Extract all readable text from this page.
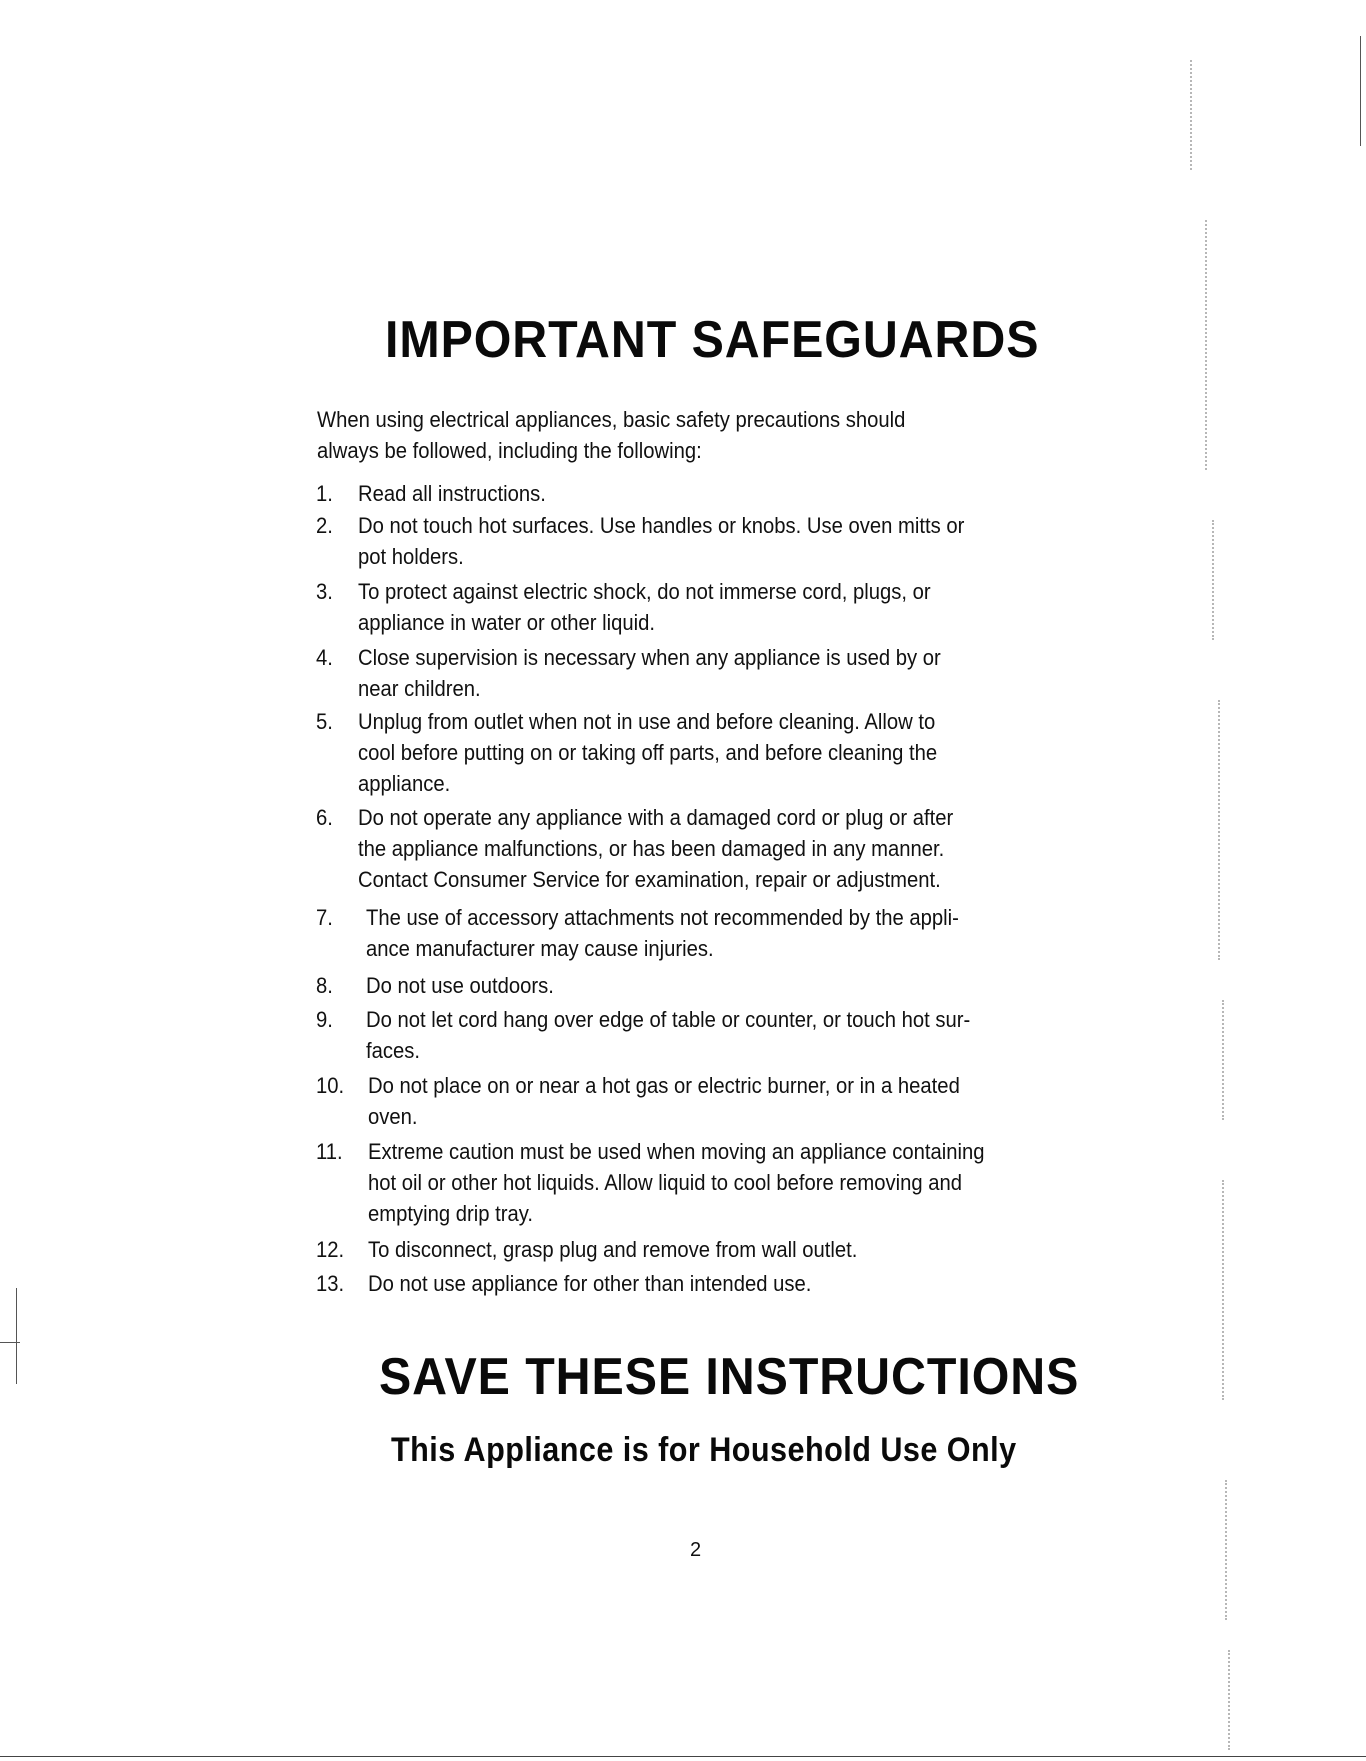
IMPORTANT SAFEGUARDS
When using electrical appliances, basic safety precautions should
always be followed, including the following:
1. Read all instructions.
2. Do not touch hot surfaces. Use handles or knobs. Use oven mitts or
pot holders.
3. To protect against electric shock, do not immerse cord, plugs, or
appliance in water or other liquid.
4. Close supervision is necessary when any appliance is used by or
near children.
5. Unplug from outlet when not in use and before cleaning. Allow to
cool before putting on or taking off parts, and before cleaning the
appliance.
6. Do not operate any appliance with a damaged cord or plug or after
the appliance malfunctions, or has been damaged in any manner.
Contact Consumer Service for examination, repair or adjustment.
7. The use of accessory attachments not recommended by the appli-
ance manufacturer may cause injuries.
8. Do not use outdoors.
9. Do not let cord hang over edge of table or counter, or touch hot sur-
faces.
10. Do not place on or near a hot gas or electric burner, or in a heated
oven.
11. Extreme caution must be used when moving an appliance containing
hot oil or other hot liquids. Allow liquid to cool before removing and
emptying drip tray.
12. To disconnect, grasp plug and remove from wall outlet.
13. Do not use appliance for other than intended use.
SAVE THESE INSTRUCTIONS
This Appliance is for Household Use Only
2
